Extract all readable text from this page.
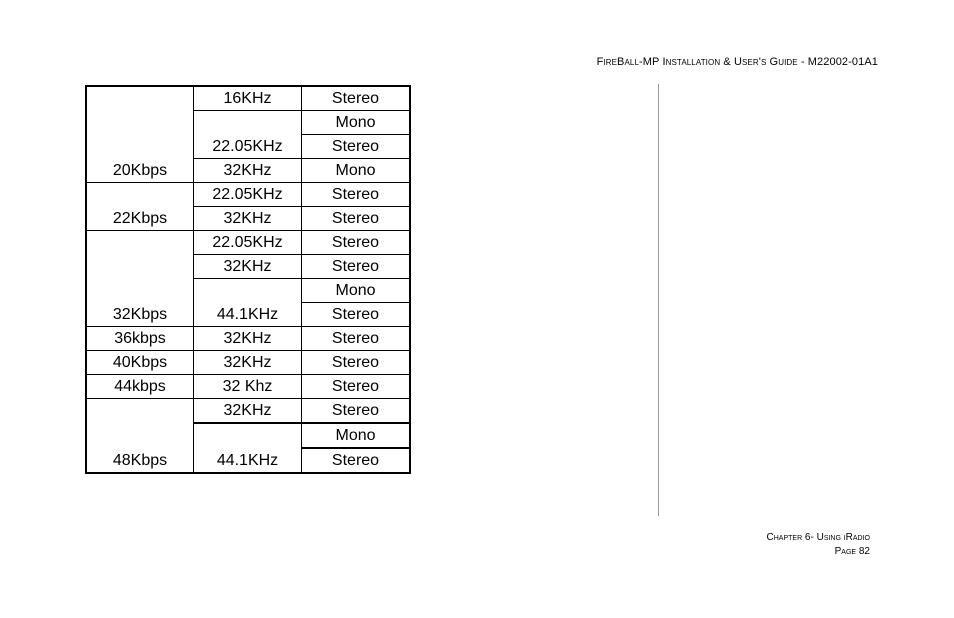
FireBall-MP Installation & User's Guide - M22002-01A1
20Kbps	16KHz	Stereo
	22.05KHz	Mono
		Stereo
	32KHz	Mono
22Kbps	22.05KHz	Stereo
	32KHz	Stereo
32Kbps	22.05KHz	Stereo
	32KHz	Stereo
	44.1KHz	Mono
		Stereo
36kbps	32KHz	Stereo
40Kbps	32KHz	Stereo
44kbps	32 Khz	Stereo
48Kbps	32KHz	Stereo
	44.1KHz	Mono
		Stereo
Chapter 6- Using iRadio
Page 82
